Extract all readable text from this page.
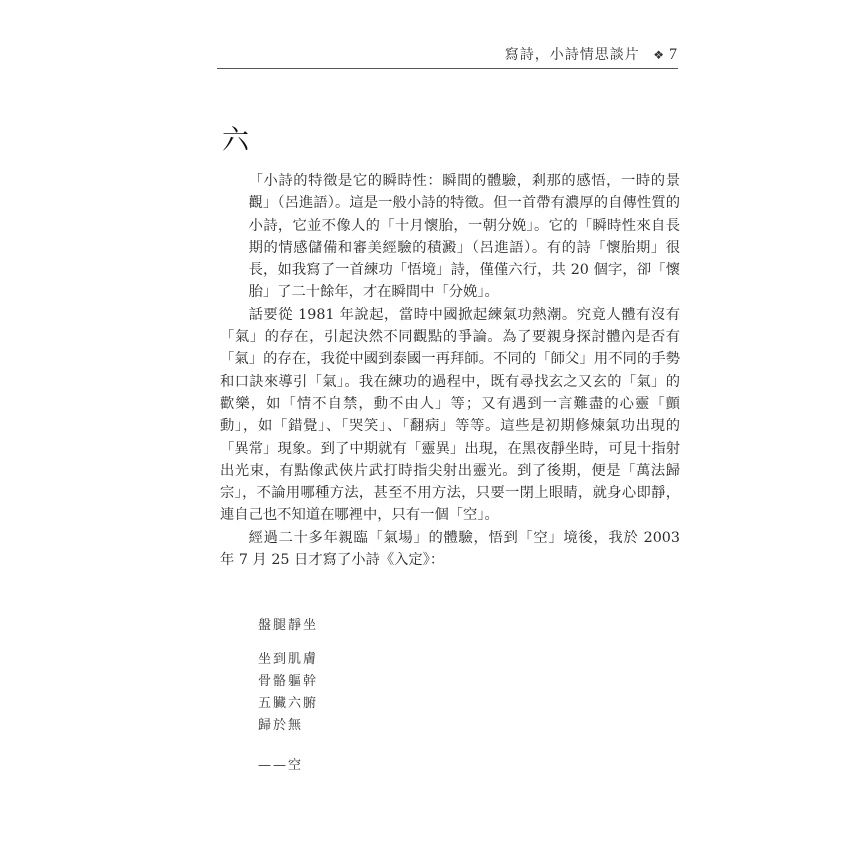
寫詩，小詩情思談片 ❖ 7
六

「小詩的特徵是它的瞬時性：瞬間的體驗，剎那的感悟，一時的景觀」（呂進語）。這是一般小詩的特徵。但一首帶有濃厚的自傳性質的小詩，它並不像人的「十月懷胎，一朝分娩」。它的「瞬時性來自長期的情感儲備和審美經驗的積澱」（呂進語）。有的詩「懷胎期」很長，如我寫了一首練功「悟境」詩，僅僅六行，共 20 個字，卻「懷胎」了二十餘年，才在瞬間中「分娩」。

話要從 1981 年說起，當時中國掀起練氣功熱潮。究竟人體有沒有「氣」的存在，引起決然不同觀點的爭論。為了要親身探討體內是否有「氣」的存在，我從中國到泰國一再拜師。不同的「師父」用不同的手勢和口訣來導引「氣」。我在練功的過程中，既有尋找玄之又玄的「氣」的歡樂，如「情不自禁，動不由人」等；又有遇到一言難盡的心靈「顫動」，如「錯覺」、「哭笑」、「翻病」等等。這些是初期修煉氣功出現的「異常」現象。到了中期就有「靈異」出現，在黑夜靜坐時，可見十指射出光束，有點像武俠片武打時指尖射出靈光。到了後期，便是「萬法歸宗」，不論用哪種方法，甚至不用方法，只要一閉上眼睛，就身心即靜，連自己也不知道在哪裡中，只有一個「空」。

經過二十多年親臨「氣場」的體驗，悟到「空」境後，我於 2003 年 7 月 25 日才寫了小詩《入定》：

盤腿靜坐
坐到肌膚
骨骼軀幹
五臟六腑
歸於無
——空
